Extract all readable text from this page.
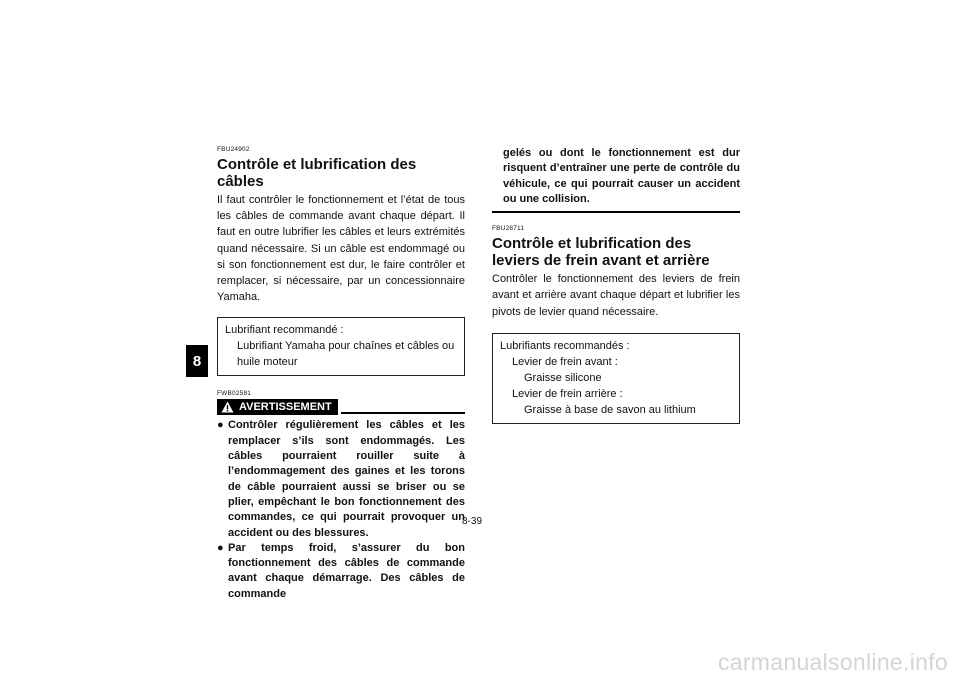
8

FBU24902

Contrôle et lubrification des câbles

Il faut contrôler le fonctionnement et l’état de tous les câbles de commande avant chaque départ. Il faut en outre lubrifier les câbles et leurs extrémités quand nécessaire. Si un câble est endommagé ou si son fonctionnement est dur, le faire contrôler et remplacer, si nécessaire, par un concessionnaire Yamaha.

Lubrifiant recommandé :
Lubrifiant Yamaha pour chaînes et câbles ou huile moteur

FWB02581

AVERTISSEMENT
● Contrôler régulièrement les câbles et les remplacer s’ils sont endommagés. Les câbles pourraient rouiller suite à l’endommagement des gaines et les torons de câble pourraient aussi se briser ou se plier, empêchant le bon fonctionnement des commandes, ce qui pourrait provoquer un accident ou des blessures.
● Par temps froid, s’assurer du bon fonctionnement des câbles de commande avant chaque démarrage. Des câbles de commande
gelés ou dont le fonctionnement est dur risquent d’entraîner une perte de contrôle du véhicule, ce qui pourrait causer un accident ou une collision.

FBU28711

Contrôle et lubrification des leviers de frein avant et arrière

Contrôler le fonctionnement des leviers de frein avant et arrière avant chaque départ et lubrifier les pivots de levier quand nécessaire.

Lubrifiants recommandés :
Levier de frein avant :
Graisse silicone
Levier de frein arrière :
Graisse à base de savon au lithium
8-39
carmanualsonline.info
